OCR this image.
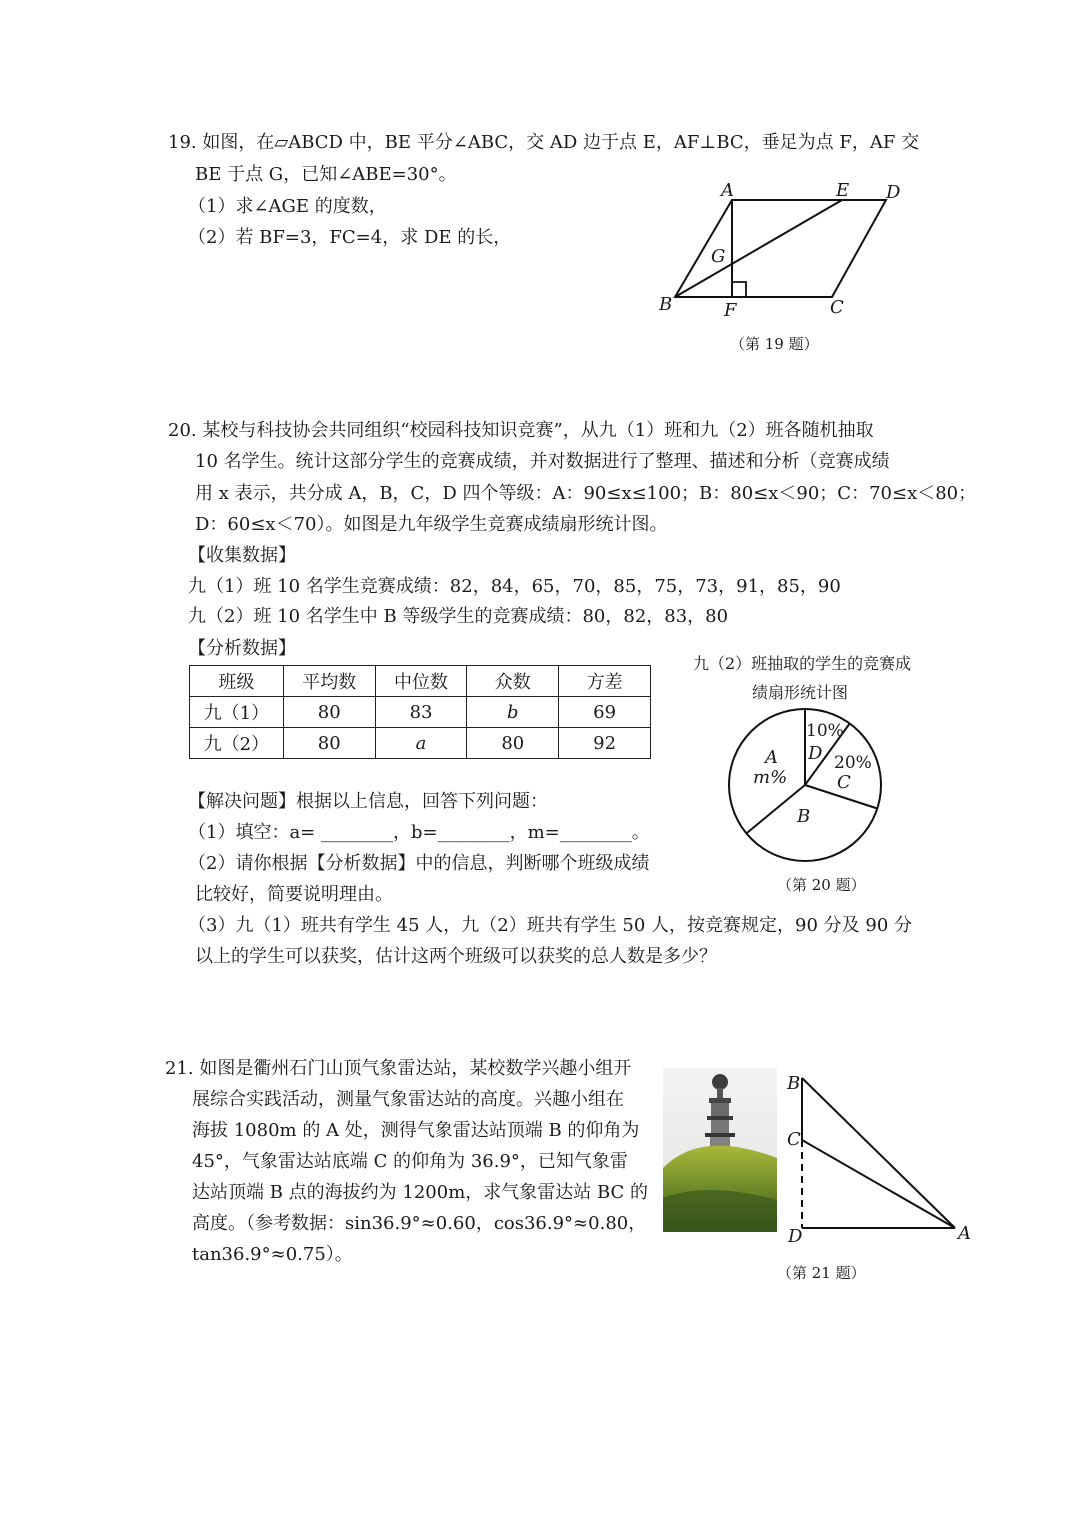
19. 如图，在▱ABCD 中，BE 平分∠ABC，交 AD 边于点 E，AF⊥BC，垂足为点 F，AF 交
BE 于点 G，已知∠ABE=30°。
（1）求∠AGE 的度数，
（2）若 BF=3，FC=4，求 DE 的长，
A	E D
G
B	F	C
（第 19 题）
20. 某校与科技协会共同组织“校园科技知识竞赛”，从九（1）班和九（2）班各随机抽取
10 名学生。统计这部分学生的竞赛成绩，并对数据进行了整理、描述和分析（竞赛成绩
用 x 表示，共分成 A，B，C，D 四个等级：A：90≤x≤100；B：80≤x＜90；C：70≤x＜80；
D：60≤x＜70）。如图是九年级学生竞赛成绩扇形统计图。
【收集数据】
九（1）班 10 名学生竞赛成绩：82，84，65，70，85，75，73，91，85，90
九（2）班 10 名学生中 B 等级学生的竞赛成绩：80，82，83，80
【分析数据】
班级	平均数	中位数	众数	方差
九（1）	80	83	b	69
九（2）	80	a	80	92
【解决问题】根据以上信息，回答下列问题：
（1）填空：a= ________，b=________，m=________。
（2）请你根据【分析数据】中的信息，判断哪个班级成绩
比较好，简要说明理由。
（3）九（1）班共有学生 45 人，九（2）班共有学生 50 人，按竞赛规定，90 分及 90 分
以上的学生可以获奖，估计这两个班级可以获奖的总人数是多少？
九（2）班抽取的学生的竞赛成
绩扇形统计图
10%
D 20%
C
B
A
m%
（第 20 题）
21. 如图是衢州石门山顶气象雷达站，某校数学兴趣小组开
展综合实践活动，测量气象雷达站的高度。兴趣小组在
海拔 1080m 的 A 处，测得气象雷达站顶端 B 的仰角为
45°，气象雷达站底端 C 的仰角为 36.9°，已知气象雷
达站顶端 B 点的海拔约为 1200m，求气象雷达站 BC 的
高度。（参考数据：sin36.9°≈0.60，cos36.9°≈0.80，
tan36.9°≈0.75）。
B
C
D	A
（第 21 题）
